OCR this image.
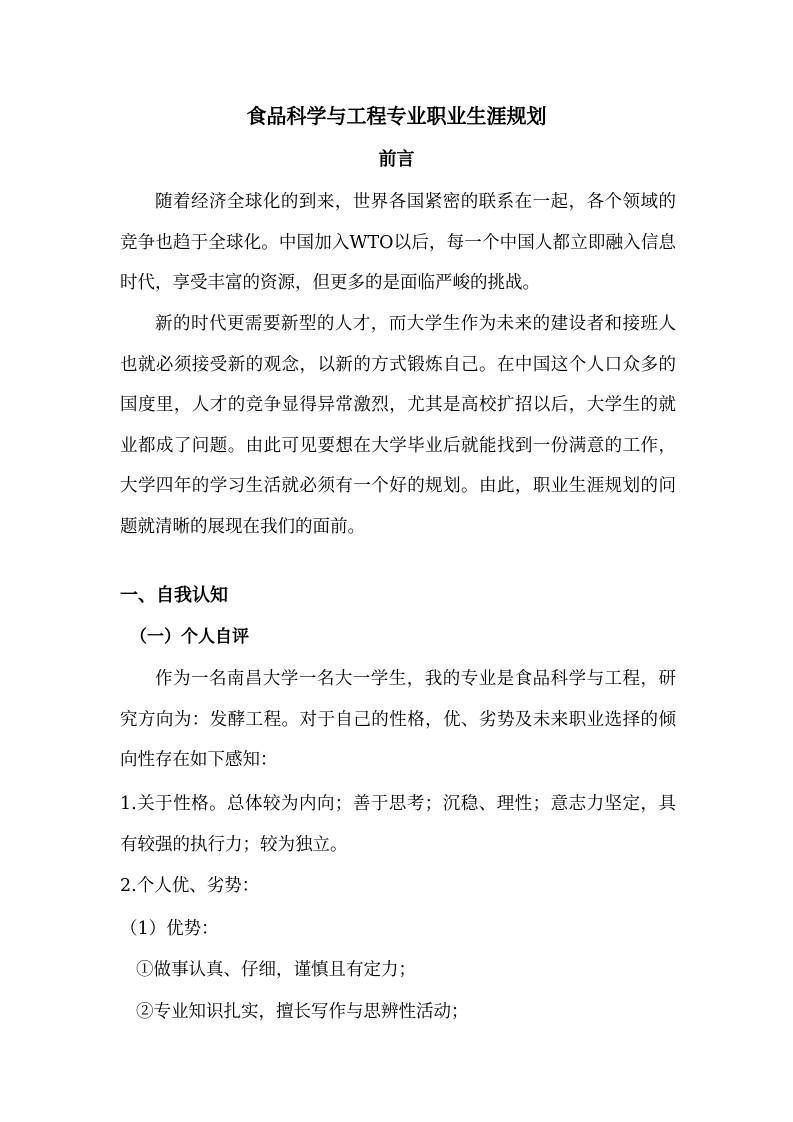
食品科学与工程专业职业生涯规划
前言
随着经济全球化的到来，世界各国紧密的联系在一起，各个领域的竞争也趋于全球化。中国加入WTO以后，每一个中国人都立即融入信息时代，享受丰富的资源，但更多的是面临严峻的挑战。
新的时代更需要新型的人才，而大学生作为未来的建设者和接班人也就必须接受新的观念，以新的方式锻炼自己。在中国这个人口众多的国度里，人才的竞争显得异常激烈，尤其是高校扩招以后，大学生的就业都成了问题。由此可见要想在大学毕业后就能找到一份满意的工作，大学四年的学习生活就必须有一个好的规划。由此，职业生涯规划的问题就清晰的展现在我们的面前。
一、自我认知
（一）个人自评
作为一名南昌大学一名大一学生，我的专业是食品科学与工程，研究方向为：发酵工程。对于自己的性格，优、劣势及未来职业选择的倾向性存在如下感知：
1.关于性格。总体较为内向；善于思考；沉稳、理性；意志力坚定，具有较强的执行力；较为独立。
2.个人优、劣势：
（1）优势：
①做事认真、仔细，谨慎且有定力；
②专业知识扎实，擅长写作与思辨性活动；
